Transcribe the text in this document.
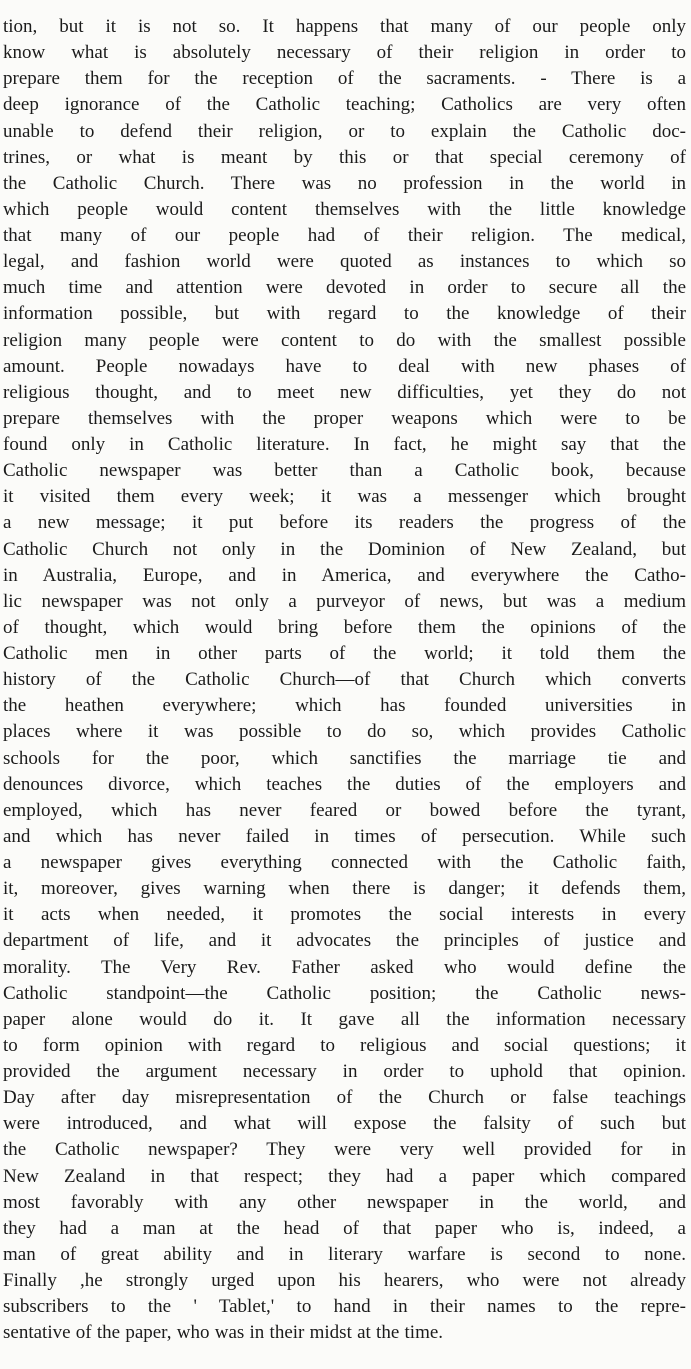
tion, but it is not so. It happens that many of our people only
know what is absolutely necessary of their religion in order to
prepare them for the reception of the sacraments. - There is a
deep ignorance of the Catholic teaching; Catholics are very often
unable to defend their religion, or to explain the Catholic doc-
trines, or what is meant by this or that special ceremony of
the Catholic Church. There was no profession in the world in
which people would content themselves with the little knowledge
that many of our people had of their religion. The medical,
legal, and fashion world were quoted as instances to which so
much time and attention were devoted in order to secure all the
information possible, but with regard to the knowledge of their
religion many people were content to do with the smallest possible
amount. People nowadays have to deal with new phases of
religious thought, and to meet new difficulties, yet they do not
prepare themselves with the proper weapons which were to be
found only in Catholic literature. In fact, he might say that the
Catholic newspaper was better than a Catholic book, because
it visited them every week; it was a messenger which brought
a new message; it put before its readers the progress of the
Catholic Church not only in the Dominion of New Zealand, but
in Australia, Europe, and in America, and everywhere the Catho-
lic newspaper was not only a purveyor of news, but was a medium
of thought, which would bring before them the opinions of the
Catholic men in other parts of the world; it told them the
history of the Catholic Church—of that Church which converts
the heathen everywhere; which has founded universities in
places where it was possible to do so, which provides Catholic
schools for the poor, which sanctifies the marriage tie and
denounces divorce, which teaches the duties of the employers and
employed, which has never feared or bowed before the tyrant,
and which has never failed in times of persecution. While such
a newspaper gives everything connected with the Catholic faith,
it, moreover, gives warning when there is danger; it defends them,
it acts when needed, it promotes the social interests in every
department of life, and it advocates the principles of justice and
morality. The Very Rev. Father asked who would define the
Catholic standpoint—the Catholic position; the Catholic news-
paper alone would do it. It gave all the information necessary
to form opinion with regard to religious and social questions; it
provided the argument necessary in order to uphold that opinion.
Day after day misrepresentation of the Church or false teachings
were introduced, and what will expose the falsity of such but
the Catholic newspaper? They were very well provided for in
New Zealand in that respect; they had a paper which compared
most favorably with any other newspaper in the world, and
they had a man at the head of that paper who is, indeed, a
man of great ability and in literary warfare is second to none.
Finally ,he strongly urged upon his hearers, who were not already
subscribers to the ' Tablet,' to hand in their names to the repre-
sentative of the paper, who was in their midst at the time.
